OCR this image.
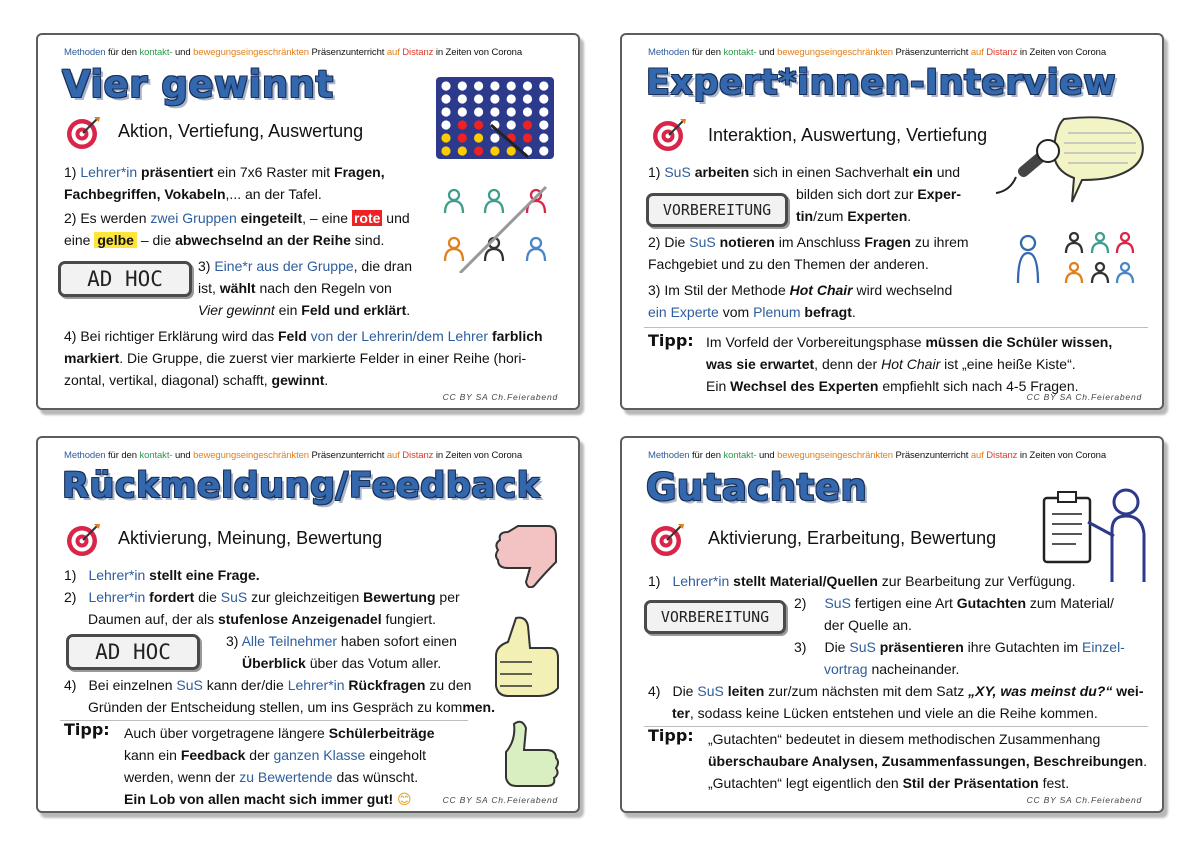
Methoden für den kontakt- und bewegungseingeschränkten Präsenzunterricht auf Distanz in Zeiten von Corona
Vier gewinnt
Aktion, Vertiefung, Auswertung
1) Lehrer*in präsentiert ein 7x6 Raster mit Fragen,
Fachbegriffen, Vokabeln,... an der Tafel.
2) Es werden zwei Gruppen eingeteilt, – eine rote und
eine gelbe – die abwechselnd an der Reihe sind.
AD HOC
3) Eine*r aus der Gruppe, die dran
ist, wählt nach den Regeln von
Vier gewinnt ein Feld und erklärt.
4) Bei richtiger Erklärung wird das Feld von der Lehrerin/dem Lehrer farblich
markiert. Die Gruppe, die zuerst vier markierte Felder in einer Reihe (hori-
zontal, vertikal, diagonal) schafft, gewinnt.
CC BY SA Ch.Feierabend
Methoden für den kontakt- und bewegungseingeschränkten Präsenzunterricht auf Distanz in Zeiten von Corona
Expert*innen-Interview
Interaktion, Auswertung, Vertiefung
1) SuS arbeiten sich in einen Sachverhalt ein und
VORBEREITUNG
bilden sich dort zur Exper-
tin/zum Experten.
2) Die SuS notieren im Anschluss Fragen zu ihrem
Fachgebiet und zu den Themen der anderen.
3) Im Stil der Methode Hot Chair wird wechselnd
ein Experte vom Plenum befragt.
Tipp: Im Vorfeld der Vorbereitungsphase müssen die Schüler wissen,
was sie erwartet, denn der Hot Chair ist „eine heiße Kiste“.
Ein Wechsel des Experten empfiehlt sich nach 4-5 Fragen.
CC BY SA Ch.Feierabend
Methoden für den kontakt- und bewegungseingeschränkten Präsenzunterricht auf Distanz in Zeiten von Corona
Rückmeldung/Feedback
Aktivierung, Meinung, Bewertung
1) Lehrer*in stellt eine Frage.
2) Lehrer*in fordert die SuS zur gleichzeitigen Bewertung per
Daumen auf, der als stufenlose Anzeigenadel fungiert.
AD HOC	3) Alle Teilnehmer haben sofort einen
Überblick über das Votum aller.
4) Bei einzelnen SuS kann der/die Lehrer*in Rückfragen zu den
Gründen der Entscheidung stellen, um ins Gespräch zu kommen.
Tipp: Auch über vorgetragene längere Schülerbeiträge
kann ein Feedback der ganzen Klasse eingeholt
werden, wenn der zu Bewertende das wünscht.
Ein Lob von allen macht sich immer gut! 😊	CC BY SA Ch.Feierabend
Methoden für den kontakt- und bewegungseingeschränkten Präsenzunterricht auf Distanz in Zeiten von Corona
Gutachten
Aktivierung, Erarbeitung, Bewertung
1) Lehrer*in stellt Material/Quellen zur Bearbeitung zur Verfügung.
VORBEREITUNG
2) SuS fertigen eine Art Gutachten zum Material/
der Quelle an.
3) Die SuS präsentieren ihre Gutachten im Einzel-
vortrag nacheinander.
4) Die SuS leiten zur/zum nächsten mit dem Satz „XY, was meinst du?“ wei-
ter, sodass keine Lücken entstehen und viele an die Reihe kommen.
Tipp: „Gutachten“ bedeutet in diesem methodischen Zusammenhang
überschaubare Analysen, Zusammenfassungen, Beschreibungen.
„Gutachten“ legt eigentlich den Stil der Präsentation fest.
CC BY SA Ch.Feierabend
